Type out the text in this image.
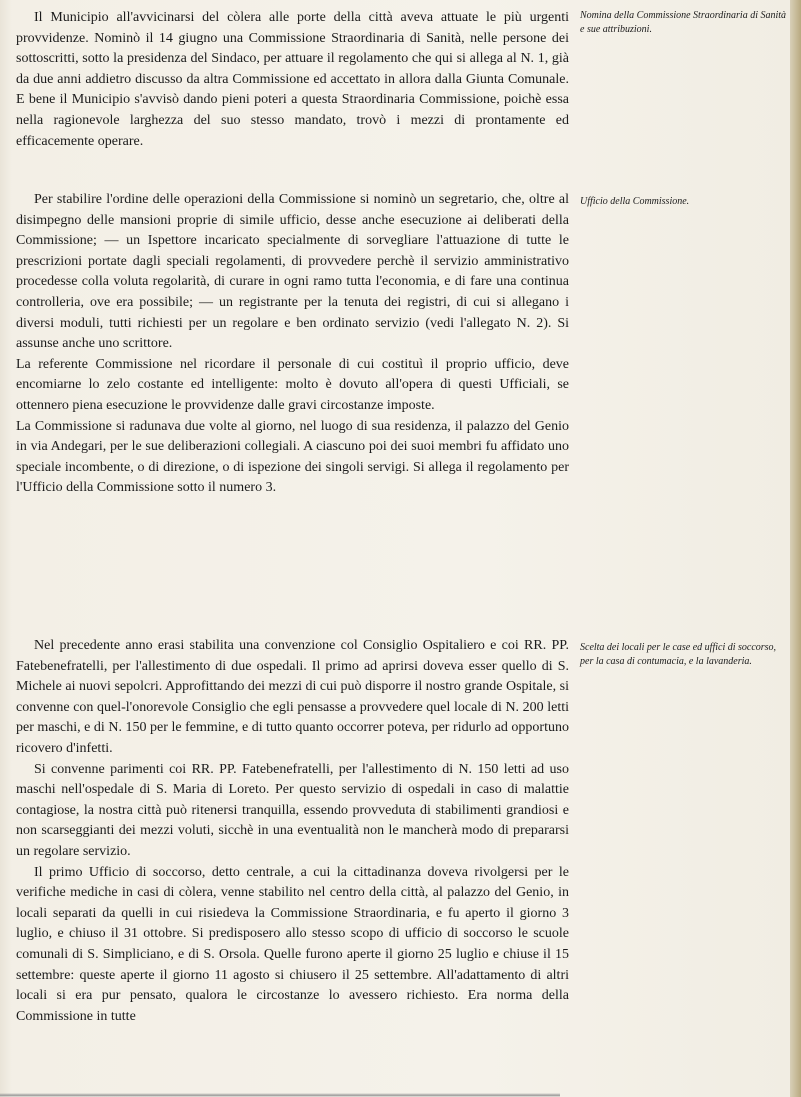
Il Municipio all'avvicinarsi del còlera alle porte della città aveva attuate le più urgenti provvidenze. Nominò il 14 giugno una Commissione Straordinaria di Sanità, nelle persone dei sottoscritti, sotto la presidenza del Sindaco, per attuare il regolamento che qui si allega al N. 1, già da due anni addietro discusso da altra Commissione ed accettato in allora dalla Giunta Comunale. E bene il Municipio s'avvisò dando pieni poteri a questa Straordinaria Commissione, poichè essa nella ragionevole larghezza del suo stesso mandato, trovò i mezzi di prontamente ed efficacemente operare.

Nomina della Commissione Straordinaria di Sanità e sue attribuzioni.

Per stabilire l'ordine delle operazioni della Commissione si nominò un segretario, che, oltre al disimpegno delle mansioni proprie di simile ufficio, desse anche esecuzione ai deliberati della Commissione; — un Ispettore incaricato specialmente di sorvegliare l'attuazione di tutte le prescrizioni portate dagli speciali regolamenti, di provvedere perchè il servizio amministrativo procedesse colla voluta regolarità, di curare in ogni ramo tutta l'economia, e di fare una continua controlleria, ove era possibile; — un registrante per la tenuta dei registri, di cui si allegano i diversi moduli, tutti richiesti per un regolare e ben ordinato servizio (vedi l'allegato N. 2). Si assunse anche uno scrittore.

La referente Commissione nel ricordare il personale di cui costituì il proprio ufficio, deve encomiarne lo zelo costante ed intelligente: molto è dovuto all'opera di questi Ufficiali, se ottennero piena esecuzione le provvidenze dalle gravi circostanze imposte.

La Commissione si radunava due volte al giorno, nel luogo di sua residenza, il palazzo del Genio in via Andegari, per le sue deliberazioni collegiali. A ciascuno poi dei suoi membri fu affidato uno speciale incombente, o di direzione, o di ispezione dei singoli servigi. Si allega il regolamento per l'Ufficio della Commissione sotto il numero 3.

Ufficio della Commissione.

Nel precedente anno erasi stabilita una convenzione col Consiglio Ospitaliero e coi RR. PP. Fatebenefratelli, per l'allestimento di due ospedali. Il primo ad aprirsi doveva esser quello di S. Michele ai nuovi sepolcri. Approfittando dei mezzi di cui può disporre il nostro grande Ospitale, si convenne con quel-l'onorevole Consiglio che egli pensasse a provvedere quel locale di N. 200 letti per maschi, e di N. 150 per le femmine, e di tutto quanto occorrer poteva, per ridurlo ad opportuno ricovero d'infetti.

Si convenne parimenti coi RR. PP. Fatebenefratelli, per l'allestimento di N. 150 letti ad uso maschi nell'ospedale di S. Maria di Loreto. Per questo servizio di ospedali in caso di malattie contagiose, la nostra città può ritenersi tranquilla, essendo provveduta di stabilimenti grandiosi e non scarseggianti dei mezzi voluti, sicchè in una eventualità non le mancherà modo di prepararsi un regolare servizio.

Il primo Ufficio di soccorso, detto centrale, a cui la cittadinanza doveva rivolgersi per le verifiche mediche in casi di còlera, venne stabilito nel centro della città, al palazzo del Genio, in locali separati da quelli in cui risiedeva la Commissione Straordinaria, e fu aperto il giorno 3 luglio, e chiuso il 31 ottobre. Si predisposero allo stesso scopo di ufficio di soccorso le scuole comunali di S. Simpliciano, e di S. Orsola. Quelle furono aperte il giorno 25 luglio e chiuse il 15 settembre: queste aperte il giorno 11 agosto si chiusero il 25 settembre. All'adattamento di altri locali si era pur pensato, qualora le circostanze lo avessero richiesto. Era norma della Commissione in tutte

Scelta dei locali per le case ed uffici di soccorso, per la casa di contumacia, e la lavanderia.
